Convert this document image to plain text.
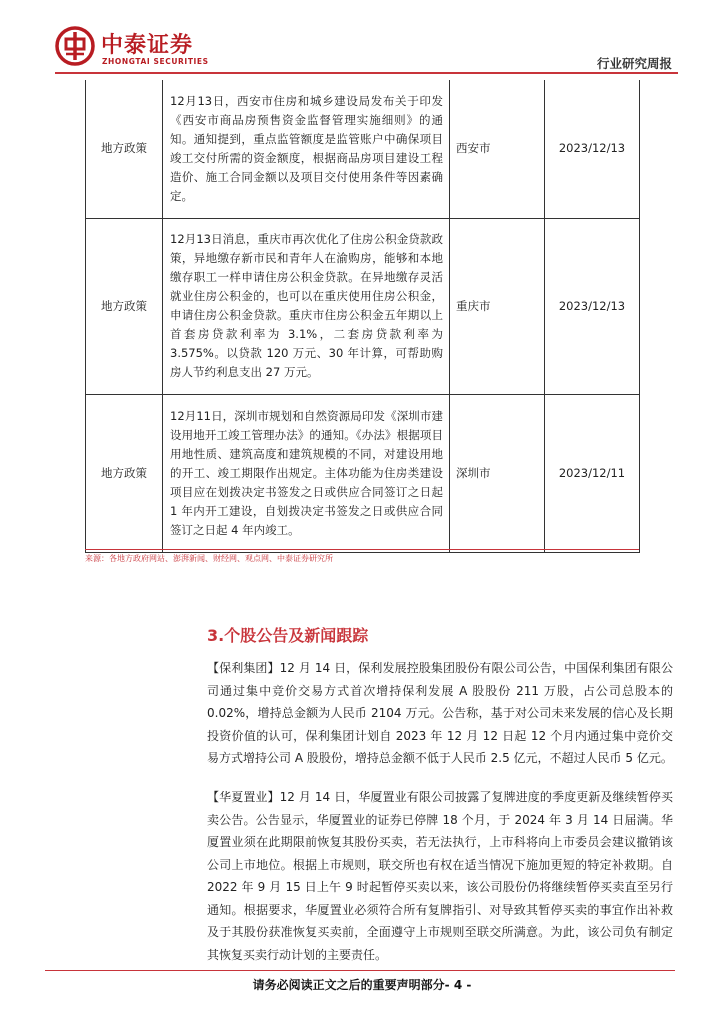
中泰证券
ZHONGTAI SECURITIES	行业研究周报
地方政策	12月13日，西安市住房和城乡建设局发布关于印发《西安市商品房预售资金监督管理实施细则》的通知。通知提到，重点监管额度是监管账户中确保项目竣工交付所需的资金额度，根据商品房项目建设工程造价、施工合同金额以及项目交付使用条件等因素确定。	西安市	2023/12/13
地方政策	12月13日消息，重庆市再次优化了住房公积金贷款政策，异地缴存新市民和青年人在渝购房，能够和本地缴存职工一样申请住房公积金贷款。在异地缴存灵活就业住房公积金的，也可以在重庆使用住房公积金，申请住房公积金贷款。重庆市住房公积金五年期以上首套房贷款利率为 3.1%，二套房贷款利率为 3.575%。以贷款 120 万元、30 年计算，可帮助购房人节约利息支出 27 万元。	重庆市	2023/12/13
地方政策	12月11日，深圳市规划和自然资源局印发《深圳市建设用地开工竣工管理办法》的通知。《办法》根据项目用地性质、建筑高度和建筑规模的不同，对建设用地的开工、竣工期限作出规定。主体功能为住房类建设项目应在划拨决定书签发之日或供应合同签订之日起 1 年内开工建设，自划拨决定书签发之日或供应合同签订之日起 4 年内竣工。	深圳市	2023/12/11
来源：各地方政府网站、澎湃新闻、财经网、观点网、中泰证券研究所
3.个股公告及新闻跟踪
【保利集团】12 月 14 日，保利发展控股集团股份有限公司公告，中国保利集团有限公司通过集中竞价交易方式首次增持保利发展 A 股股份 211 万股，占公司总股本的 0.02%，增持总金额为人民币 2104 万元。公告称，基于对公司未来发展的信心及长期投资价值的认可，保利集团计划自 2023 年 12 月 12 日起 12 个月内通过集中竞价交易方式增持公司 A 股股份，增持总金额不低于人民币 2.5 亿元，不超过人民币 5 亿元。
【华夏置业】12 月 14 日，华厦置业有限公司披露了复牌进度的季度更新及继续暂停买卖公告。公告显示，华厦置业的证券已停牌 18 个月，于 2024 年 3 月 14 日届满。华厦置业须在此期限前恢复其股份买卖，若无法执行，上市科将向上市委员会建议撤销该公司上市地位。根据上市规则，联交所也有权在适当情况下施加更短的特定补救期。自 2022 年 9 月 15 日上午 9 时起暂停买卖以来，该公司股份仍将继续暂停买卖直至另行通知。根据要求，华厦置业必须符合所有复牌指引、对导致其暂停买卖的事宜作出补救及于其股份获准恢复买卖前，全面遵守上市规则至联交所满意。为此，该公司负有制定其恢复买卖行动计划的主要责任。
请务必阅读正文之后的重要声明部分- 4 -
